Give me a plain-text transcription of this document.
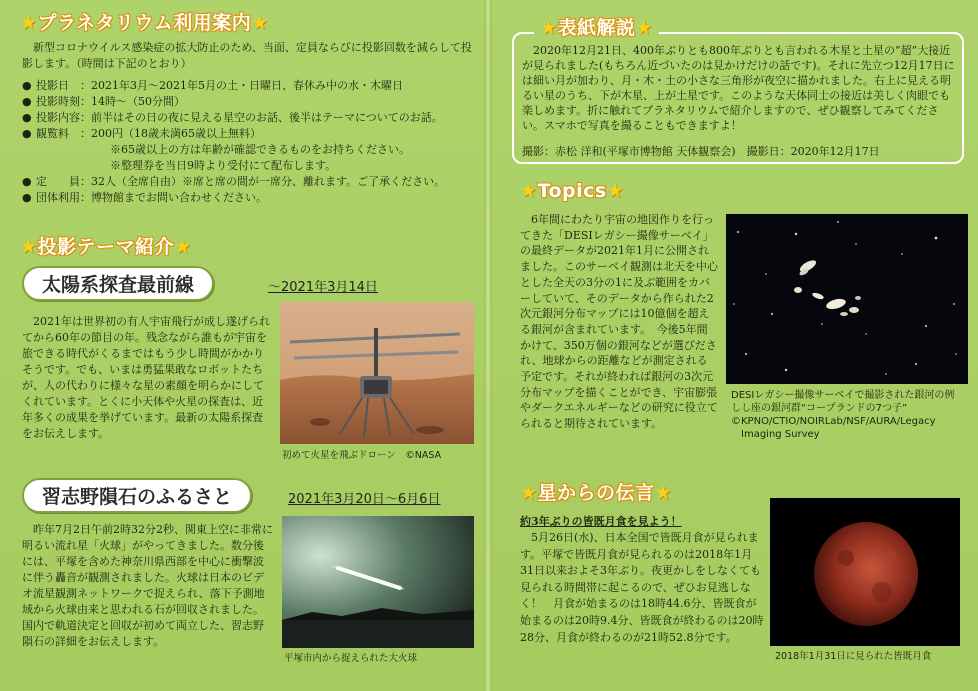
★プラネタリウム利用案内★
新型コロナウイルス感染症の拡大防止のため、当面、定員ならびに投影回数を減らして投影します。（時間は下記のとおり）
● 投影日　： 2021年3月～2021年5月の土・日曜日、春休み中の水・木曜日
● 投影時刻： 14時～（50分間）
● 投影内容： 前半はその日の夜に見える星空のお話、後半はテーマについてのお話。
● 観覧料　： 200円（18歳未満65歳以上無料）
※65歳以上の方は年齢が確認できるものをお持ちください。
※整理券を当日9時より受付にて配布します。
● 定　　員： 32人（全席自由）※席と席の間が一席分、離れます。ご了承ください。
● 団体利用：博物館までお問い合わせください。
★投影テーマ紹介★
太陽系探査最前線	～2021年3月14日
2021年は世界初の有人宇宙飛行が成し遂げられてから60年の節目の年。残念ながら誰もが宇宙を旅できる時代がくるまではもう少し時間がかかりそうです。でも、いまは勇猛果敢なロボットたちが、人の代わりに様々な星の素顔を明らかにしてくれています。とくに小天体や火星の探査は、近年多くの成果を挙げています。最新の太陽系探査をお伝えします。
初めて火星を飛ぶドローン　©NASA
習志野隕石のふるさと	2021年3月20日～6月6日
昨年7月2日午前2時32分2秒、関東上空に非常に明るい流れ星「火球」がやってきました。数分後には、平塚を含めた神奈川県西部を中心に衝撃波に伴う轟音が観測されました。火球は日本のビデオ流星観測ネットワークで捉えられ、落下予測地域から火球由来と思われる石が回収されました。国内で軌道決定と回収が初めて両立した、習志野隕石の詳細をお伝えします。
平塚市内から捉えられた大火球
★表紙解説★
2020年12月21日、400年ぶりとも800年ぶりとも言われる木星と土星の“超”大接近が見られました(もちろん近づいたのは見かけだけの話です)。それに先立つ12月17日には細い月が加わり、月・木・土の小さな三角形が夜空に描かれました。右上に見える明るい星のうち、下が木星、上が土星です。このような天体同士の接近は美しく肉眼でも楽しめます。折に触れてプラネタリウムで紹介しますので、ぜひ観察してみてください。スマホで写真を撮ることもできますよ！
撮影：赤松 洋和(平塚市博物館 天体観察会)　撮影日：2020年12月17日
★Topics★
6年間にわたり宇宙の地図作りを行ってきた「DESIレガシー撮像サーベイ」の最終データが2021年1月に公開されました。このサーベイ観測は北天を中心とした全天の3分の1に及ぶ範囲をカバーしていて、そのデータから作られた2次元銀河分布マップには10億個を超える銀河が含まれています。　今後5年間かけて、350万個の銀河などが選びだされ、地球からの距離などが測定される予定です。それが終われば銀河の3次元分布マップを描くことができ、宇宙膨張やダークエネルギーなどの研究に役立てられると期待されています。
DESIレガシー撮像サーベイで撮影された銀河の例
しし座の銀河群“コープランドの7つ子”
©KPNO/CTIO/NOIRLab/NSF/AURA/Legacy
　Imaging Survey
★星からの伝言★
約3年ぶりの皆既月食を見よう！
　5月26日(水)、日本全国で皆既月食が見られます。平塚で皆既月食が見られるのは2018年1月31日以来およそ3年ぶり。夜更かしをしなくても見られる時間帯に起こるので、ぜひお見逃しなく！　月食が始まるのは18時44.6分、皆既食が始まるのは20時9.4分、皆既食が終わるのは20時28分、月食が終わるのが21時52.8分です。
2018年1月31日に見られた皆既月食
